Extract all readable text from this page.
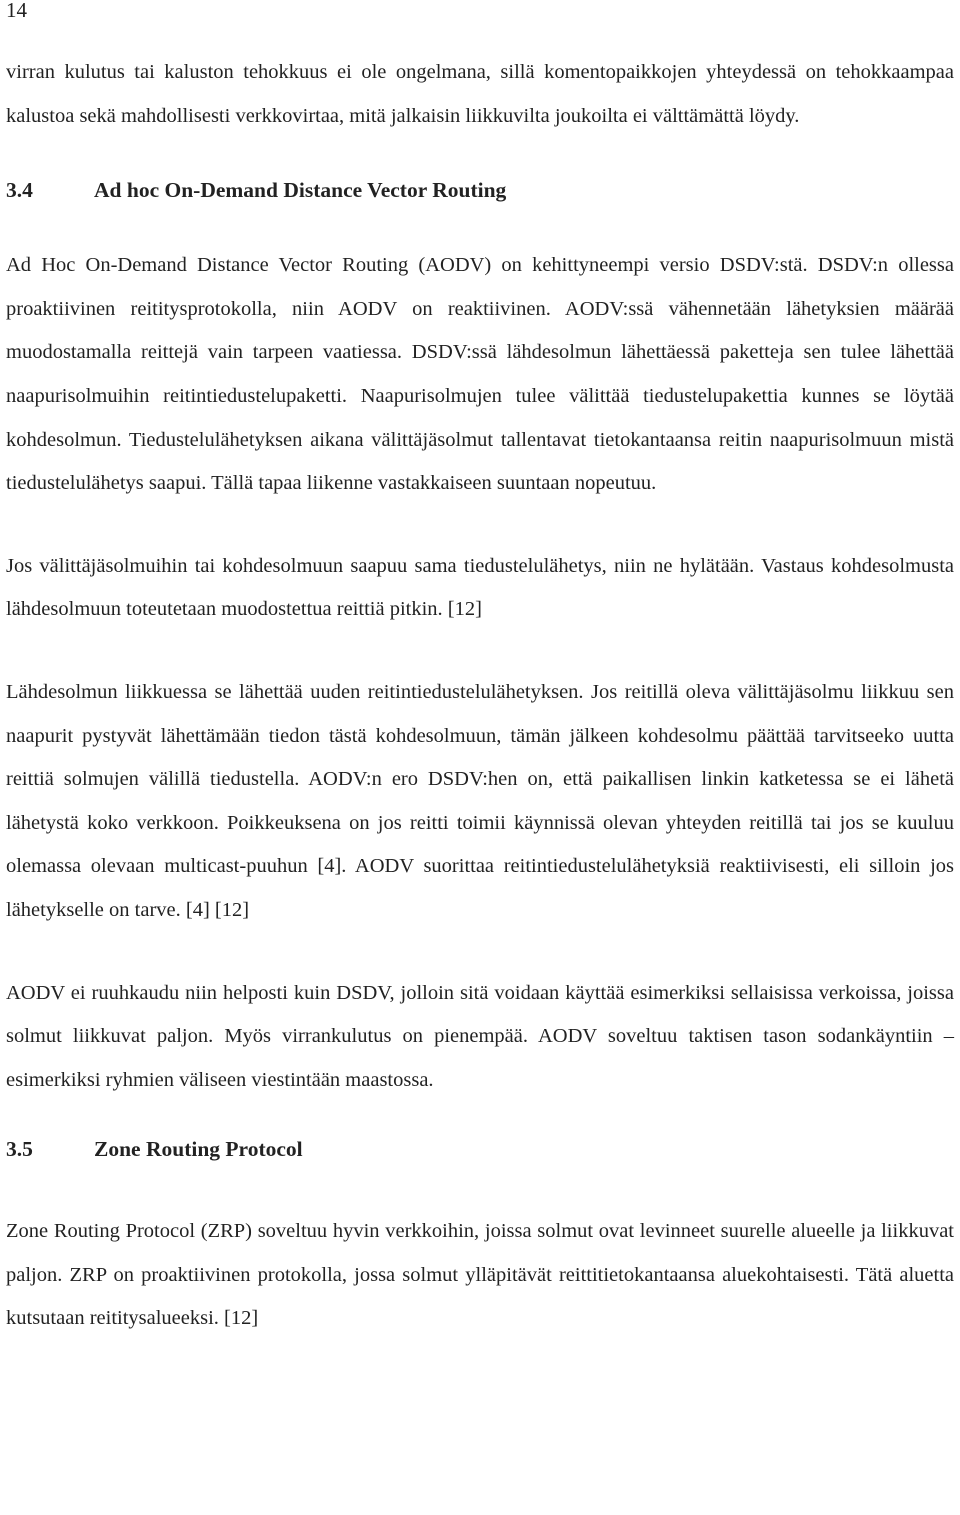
14

virran kulutus tai kaluston tehokkuus ei ole ongelmana, sillä komentopaikkojen yhteydessä on tehokkaampaa kalustoa sekä mahdollisesti verkkovirtaa, mitä jalkaisin liikkuvilta joukoilta ei välttämättä löydy.

3.4	Ad hoc On-Demand Distance Vector Routing

Ad Hoc On-Demand Distance Vector Routing (AODV) on kehittyneempi versio DSDV:stä. DSDV:n ollessa proaktiivinen reititysprotokolla, niin AODV on reaktiivinen. AODV:ssä vähennetään lähetyksien määrää muodostamalla reittejä vain tarpeen vaatiessa. DSDV:ssä lähdesolmun lähettäessä paketteja sen tulee lähettää naapurisolmuihin reitintiedustelupaketti. Naapurisolmujen tulee välittää tiedustelupakettia kunnes se löytää kohdesolmun. Tiedustelulähetyksen aikana välittäjäsolmut tallentavat tietokantaansa reitin naapurisolmuun mistä tiedustelulähetys saapui. Tällä tapaa liikenne vastakkaiseen suuntaan nopeutuu.

Jos välittäjäsolmuihin tai kohdesolmuun saapuu sama tiedustelulähetys, niin ne hylätään. Vastaus kohdesolmusta lähdesolmuun toteutetaan muodostettua reittiä pitkin. [12]

Lähdesolmun liikkuessa se lähettää uuden reitintiedustelulähetyksen. Jos reitillä oleva välittäjäsolmu liikkuu sen naapurit pystyvät lähettämään tiedon tästä kohdesolmuun, tämän jälkeen kohdesolmu päättää tarvitseeko uutta reittiä solmujen välillä tiedustella. AODV:n ero DSDV:hen on, että paikallisen linkin katketessa se ei lähetä lähetystä koko verkkoon. Poikkeuksena on jos reitti toimii käynnissä olevan yhteyden reitillä tai jos se kuuluu olemassa olevaan multicast-puuhun [4]. AODV suorittaa reitintiedustelulähetyksiä reaktiivisesti, eli silloin jos lähetykselle on tarve. [4] [12]

AODV ei ruuhkaudu niin helposti kuin DSDV, jolloin sitä voidaan käyttää esimerkiksi sellaisissa verkoissa, joissa solmut liikkuvat paljon. Myös virrankulutus on pienempää. AODV soveltuu taktisen tason sodankäyntiin – esimerkiksi ryhmien väliseen viestintään maastossa.

3.5	Zone Routing Protocol

Zone Routing Protocol (ZRP) soveltuu hyvin verkkoihin, joissa solmut ovat levinneet suurelle alueelle ja liikkuvat paljon. ZRP on proaktiivinen protokolla, jossa solmut ylläpitävät reittitietokantaansa aluekohtaisesti. Tätä aluetta kutsutaan reititysalueeksi. [12]
